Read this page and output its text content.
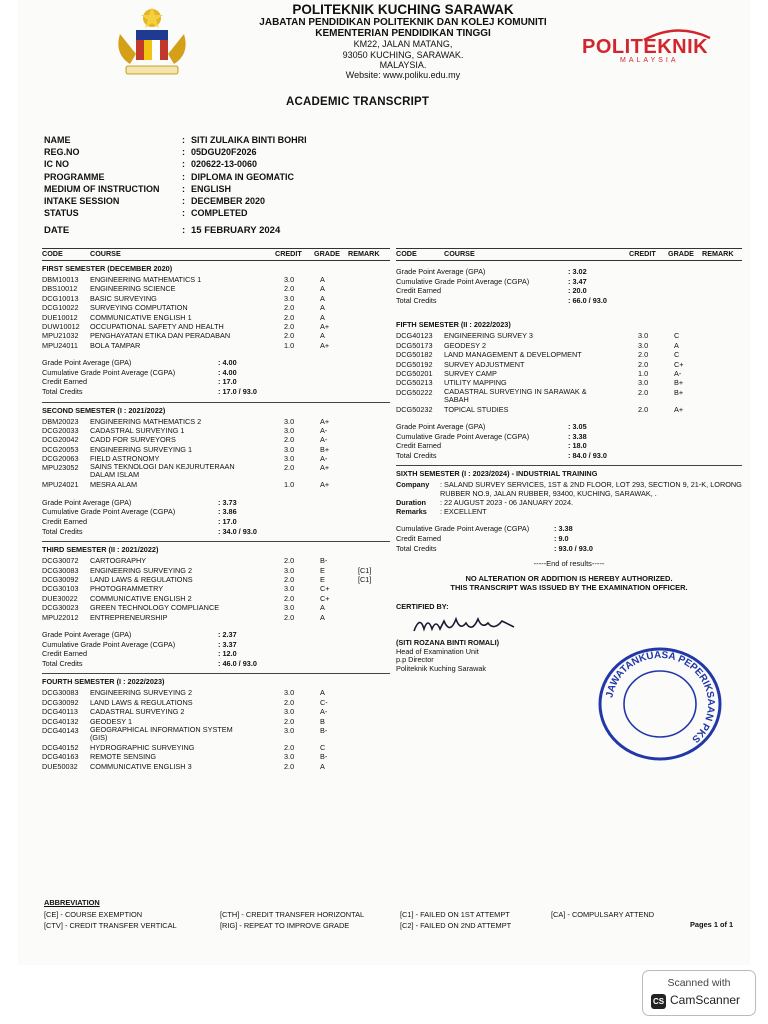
POLITEKNIK KUCHING SARAWAK
JABATAN PENDIDIKAN POLITEKNIK DAN KOLEJ KOMUNITI
KEMENTERIAN PENDIDIKAN TINGGI
KM22, JALAN MATANG,
93050 KUCHING, SARAWAK.
MALAYSIA.
Website: www.poliku.edu.my
POLITEKNIK
MALAYSIA
ACADEMIC TRANSCRIPT
NAME	: SITI ZULAIKA BINTI BOHRI
REG.NO	: 05DGU20F2026
IC NO	: 020622-13-0060
PROGRAMME	: DIPLOMA IN GEOMATIC
MEDIUM OF INSTRUCTION	: ENGLISH
INTAKE SESSION	: DECEMBER 2020
STATUS	: COMPLETED
DATE	: 15 FEBRUARY 2024
CODE	COURSE	CREDIT GRADE REMARK
FIRST SEMESTER (DECEMBER 2020)
DBM10013 ENGINEERING MATHEMATICS 1	3.0	A
DBS10012 ENGINEERING SCIENCE	2.0	A
DCG10013 BASIC SURVEYING	3.0	A
DCG10022 SURVEYING COMPUTATION	2.0	A
DUE10012 COMMUNICATIVE ENGLISH 1	2.0	A
DUW10012 OCCUPATIONAL SAFETY AND HEALTH	2.0	A+
MPU21032 PENGHAYATAN ETIKA DAN PERADABAN	2.0	A
MPU24011 BOLA TAMPAR	1.0	A+
Grade Point Average (GPA)	: 4.00
Cumulative Grade Point Average (CGPA)	: 4.00
Credit Earned	: 17.0
Total Credits	: 17.0 / 93.0
SECOND SEMESTER (I : 2021/2022)
DBM20023 ENGINEERING MATHEMATICS 2	3.0	A+
DCG20033 CADASTRAL SURVEYING 1	3.0	A-
DCG20042 CADD FOR SURVEYORS	2.0	A-
DCG20053 ENGINEERING SURVEYING 1	3.0	B+
DCG20063 FIELD ASTRONOMY	3.0	A-
MPU23052 SAINS TEKNOLOGI DAN KEJURUTERAAN DALAM ISLAM
2.0	A+
MPU24021 MESRA ALAM	1.0	A+
Grade Point Average (GPA)	: 3.73
Cumulative Grade Point Average (CGPA)	: 3.86
Credit Earned	: 17.0
Total Credits	: 34.0 / 93.0
THIRD SEMESTER (II : 2021/2022)
DCG30072 CARTOGRAPHY	2.0	B-
DCG30083 ENGINEERING SURVEYING 2	3.0	E	[C1]
DCG30092 LAND LAWS & REGULATIONS	2.0	E	[C1]
DCG30103 PHOTOGRAMMETRY	3.0	C+
DUE30022 COMMUNICATIVE ENGLISH 2	2.0	C+
DCG30023 GREEN TECHNOLOGY COMPLIANCE	3.0	A
MPU22012 ENTREPRENEURSHIP	2.0	A
Grade Point Average (GPA)	: 2.37
Cumulative Grade Point Average (CGPA)	: 3.37
Credit Earned	: 12.0
Total Credits	: 46.0 / 93.0
FOURTH SEMESTER (I : 2022/2023)
DCG30083 ENGINEERING SURVEYING 2	3.0	A
DCG30092 LAND LAWS & REGULATIONS	2.0	C-
DCG40113 CADASTRAL SURVEYING 2	3.0	A-
DCG40132 GEODESY 1	2.0	B
DCG40143 GEOGRAPHICAL INFORMATION SYSTEM (GIS)
3.0	B-
DCG40152 HYDROGRAPHIC SURVEYING	2.0	C
DCG40163 REMOTE SENSING	3.0	B-
DUE50032 COMMUNICATIVE ENGLISH 3	2.0	A
CODE	COURSE	CREDIT GRADE REMARK
Grade Point Average (GPA)	: 3.02
Cumulative Grade Point Average (CGPA)	: 3.47
Credit Earned	: 20.0
Total Credits	: 66.0 / 93.0
FIFTH SEMESTER (II : 2022/2023)
DCG40123 ENGINEERING SURVEY 3	3.0	C
DCG50173 GEODESY 2	3.0	A
DCG50182 LAND MANAGEMENT & DEVELOPMENT	2.0	C
DCG50192 SURVEY ADJUSTMENT	2.0	C+
DCG50201 SURVEY CAMP	1.0	A-
DCG50213 UTILITY MAPPING	3.0	B+
DCG50222 CADASTRAL SURVEYING IN SARAWAK & SABAH
2.0	B+
DCG50232 TOPICAL STUDIES	2.0	A+
Grade Point Average (GPA)	: 3.05
Cumulative Grade Point Average (CGPA)	: 3.38
Credit Earned	: 18.0
Total Credits	: 84.0 / 93.0
SIXTH SEMESTER (I : 2023/2024) - INDUSTRIAL TRAINING
Company : SALAND SURVEY SERVICES, 1ST & 2ND FLOOR, LOT 293, SECTION 9, 21-K, LORONG RUBBER NO.9, JALAN RUBBER, 93400, KUCHING, SARAWAK, .
Duration : 22 AUGUST 2023 - 06 JANUARY 2024.
Remarks : EXCELLENT
Cumulative Grade Point Average (CGPA)	: 3.38
Credit Earned	: 9.0
Total Credits	: 93.0 / 93.0
-----End of results-----
NO ALTERATION OR ADDITION IS HEREBY AUTHORIZED.
THIS TRANSCRIPT WAS ISSUED BY THE EXAMINATION OFFICER.
CERTIFIED BY:
(SITI ROZANA BINTI ROMALI)
Head of Examination Unit
p.p Director
Politeknik Kuching Sarawak
JAWATANKUASA PEPERIKSAAN PKS
ABBREVIATION
[CE] - COURSE EXEMPTION
[CTV] - CREDIT TRANSFER VERTICAL
[CTH] - CREDIT TRANSFER HORIZONTAL
[RIG] - REPEAT TO IMPROVE GRADE
[C1] - FAILED ON 1ST ATTEMPT
[C2] - FAILED ON 2ND ATTEMPT
[CA] - COMPULSARY ATTEND
Pages 1 of 1
Scanned with
CS CamScanner
